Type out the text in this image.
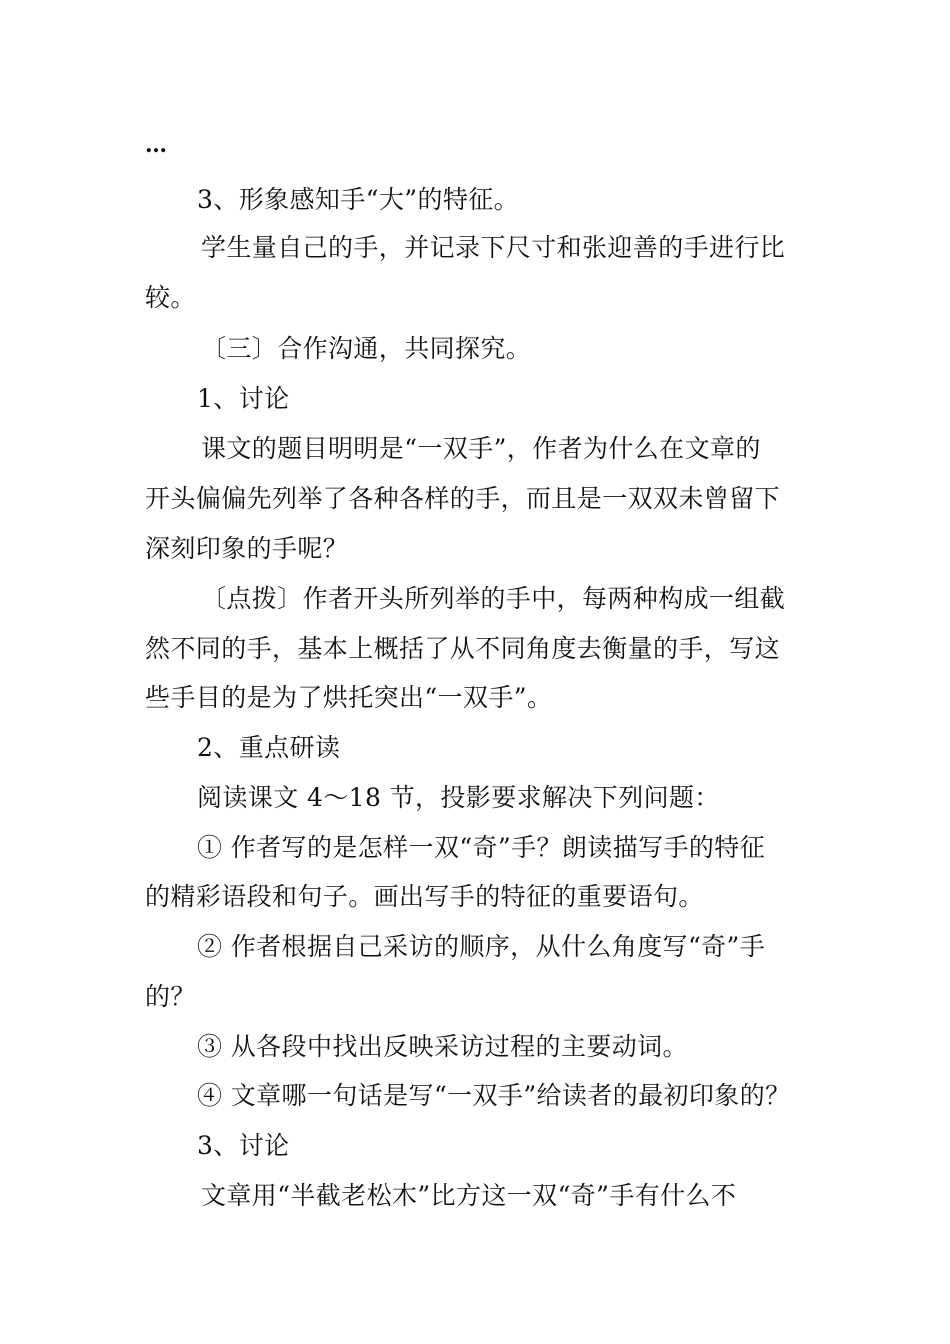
…
3、形象感知手“大”的特征。
学生量自己的手，并记录下尺寸和张迎善的手进行比
较。
〔三〕合作沟通，共同探究。
1、讨论
课文的题目明明是“一双手”，作者为什么在文章的
开头偏偏先列举了各种各样的手，而且是一双双未曾留下
深刻印象的手呢？
〔点拨〕作者开头所列举的手中，每两种构成一组截
然不同的手，基本上概括了从不同角度去衡量的手，写这
些手目的是为了烘托突出“一双手”。
2、重点研读
阅读课文 4～18 节，投影要求解决下列问题：
① 作者写的是怎样一双“奇”手？朗读描写手的特征
的精彩语段和句子。画出写手的特征的重要语句。
② 作者根据自己采访的顺序，从什么角度写“奇”手
的？
③ 从各段中找出反映采访过程的主要动词。
④ 文章哪一句话是写“一双手”给读者的最初印象的？
3、讨论
文章用“半截老松木”比方这一双“奇”手有什么不
